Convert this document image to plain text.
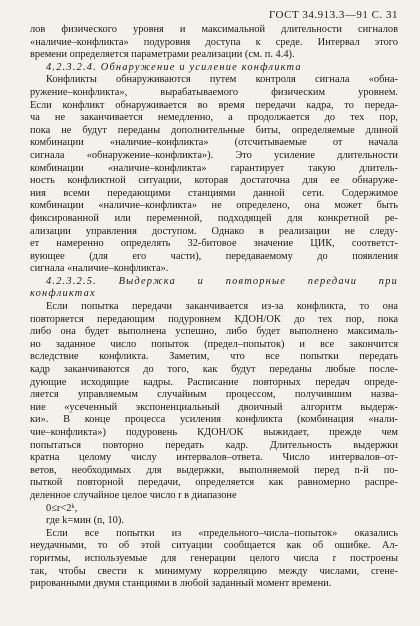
ГОСТ 34.913.3—91 С. 31
лов физического уровня и максимальной длительности сигналов
«наличие–конфликта» подуровня доступа к среде. Интервал этого
времени определяется параметрами реализации (см. п. 4.4).
4.2.3.2.4. Обнаружение и усиление конфликта
Конфликты обнаруживаются путем контроля сигнала «обна-
ружение–конфликта», вырабатываемого физическим уровнем.
Если конфликт обнаруживается во время передачи кадра, то переда-
ча не заканчивается немедленно, а продолжается до тех пор,
пока не будут переданы дополнительные биты, определяемые длиной
комбинации «наличие–конфликта» (отсчитываемые от начала
сигнала «обнаружение–конфликта»). Это усиление длительности
комбинации «наличие–конфликта» гарантирует такую длитель-
ность конфликтной ситуации, которая достаточна для ее обнаруже-
ния всеми передающими станциями данной сети. Содержимое
комбинации «наличие–конфликта» не определено, она может быть
фиксированной или переменной, подходящей для конкретной ре-
ализации управления доступом. Однако в реализации не следу-
ет намеренно определять 32-битовое значение ЦИК, соответст-
вующее (для его части), передаваемому до появления
сигнала «наличие–конфликта».
4.2.3.2.5. Выдержка и повторные передачи при
конфликтах
Если попытка передачи заканчивается из-за конфликта, то она
повторяется передающим подуровнем КДОН/ОК до тех пор, пока
либо она будет выполнена успешно, либо будет выполнено максималь-
но заданное число попыток (предел–попыток) и все закончится
вследствие конфликта. Заметим, что все попытки передать
кадр заканчиваются до того, как будут переданы любые после-
дующие исходящие кадры. Расписание повторных передач опреде-
ляется управляемым случайным процессом, получившим назва-
ние «усеченный экспоненциальный двоичный алгоритм выдерж-
ки». В конце процесса усиления конфликта (комбинация «нали-
чие–конфликта») подуровень КДОН/ОК выжидает, прежде чем
попытаться повторно передать кадр. Длительность выдержки
кратна целому числу интервалов–ответа. Число интервалов–от-
ветов, необходимых для выдержки, выполняемой перед n-й по-
пыткой повторной передачи, определяется как равномерно распре-
деленное случайное целое число r в диапазоне
0≤r<2ᵏ,
где k=мин (n, 10).
Если все попытки из «предельного–числа–попыток» оказались
неудачными, то об этой ситуации сообщается как об ошибке. Ал-
горитмы, используемые для генерации целого числа r построены
так, чтобы свести к минимуму корреляцию между числами, сгене-
рированными двумя станциями в любой заданный момент времени.
